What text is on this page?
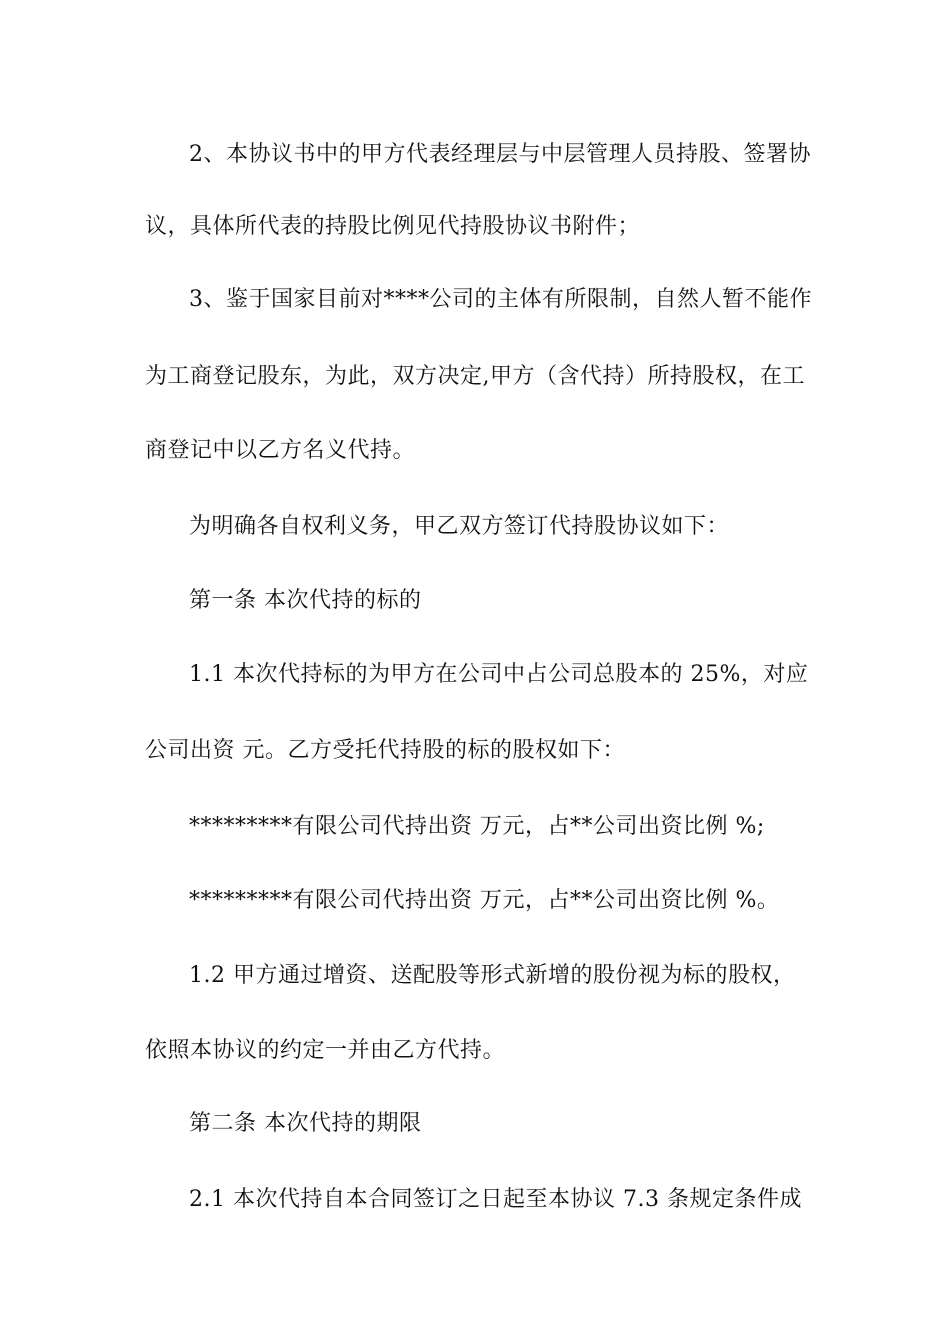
2、本协议书中的甲方代表经理层与中层管理人员持股、签署协
议，具体所代表的持股比例见代持股协议书附件；
3、鉴于国家目前对****公司的主体有所限制，自然人暂不能作
为工商登记股东，为此，双方决定,甲方（含代持）所持股权，在工
商登记中以乙方名义代持。
为明确各自权利义务，甲乙双方签订代持股协议如下：
第一条 本次代持的标的
1.1 本次代持标的为甲方在公司中占公司总股本的 25%，对应
公司出资 元。乙方受托代持股的标的股权如下：
*********有限公司代持出资 万元，占**公司出资比例 %;
*********有限公司代持出资 万元，占**公司出资比例 %。
1.2 甲方通过增资、送配股等形式新增的股份视为标的股权，
依照本协议的约定一并由乙方代持。
第二条 本次代持的期限
2.1 本次代持自本合同签订之日起至本协议 7.3 条规定条件成
